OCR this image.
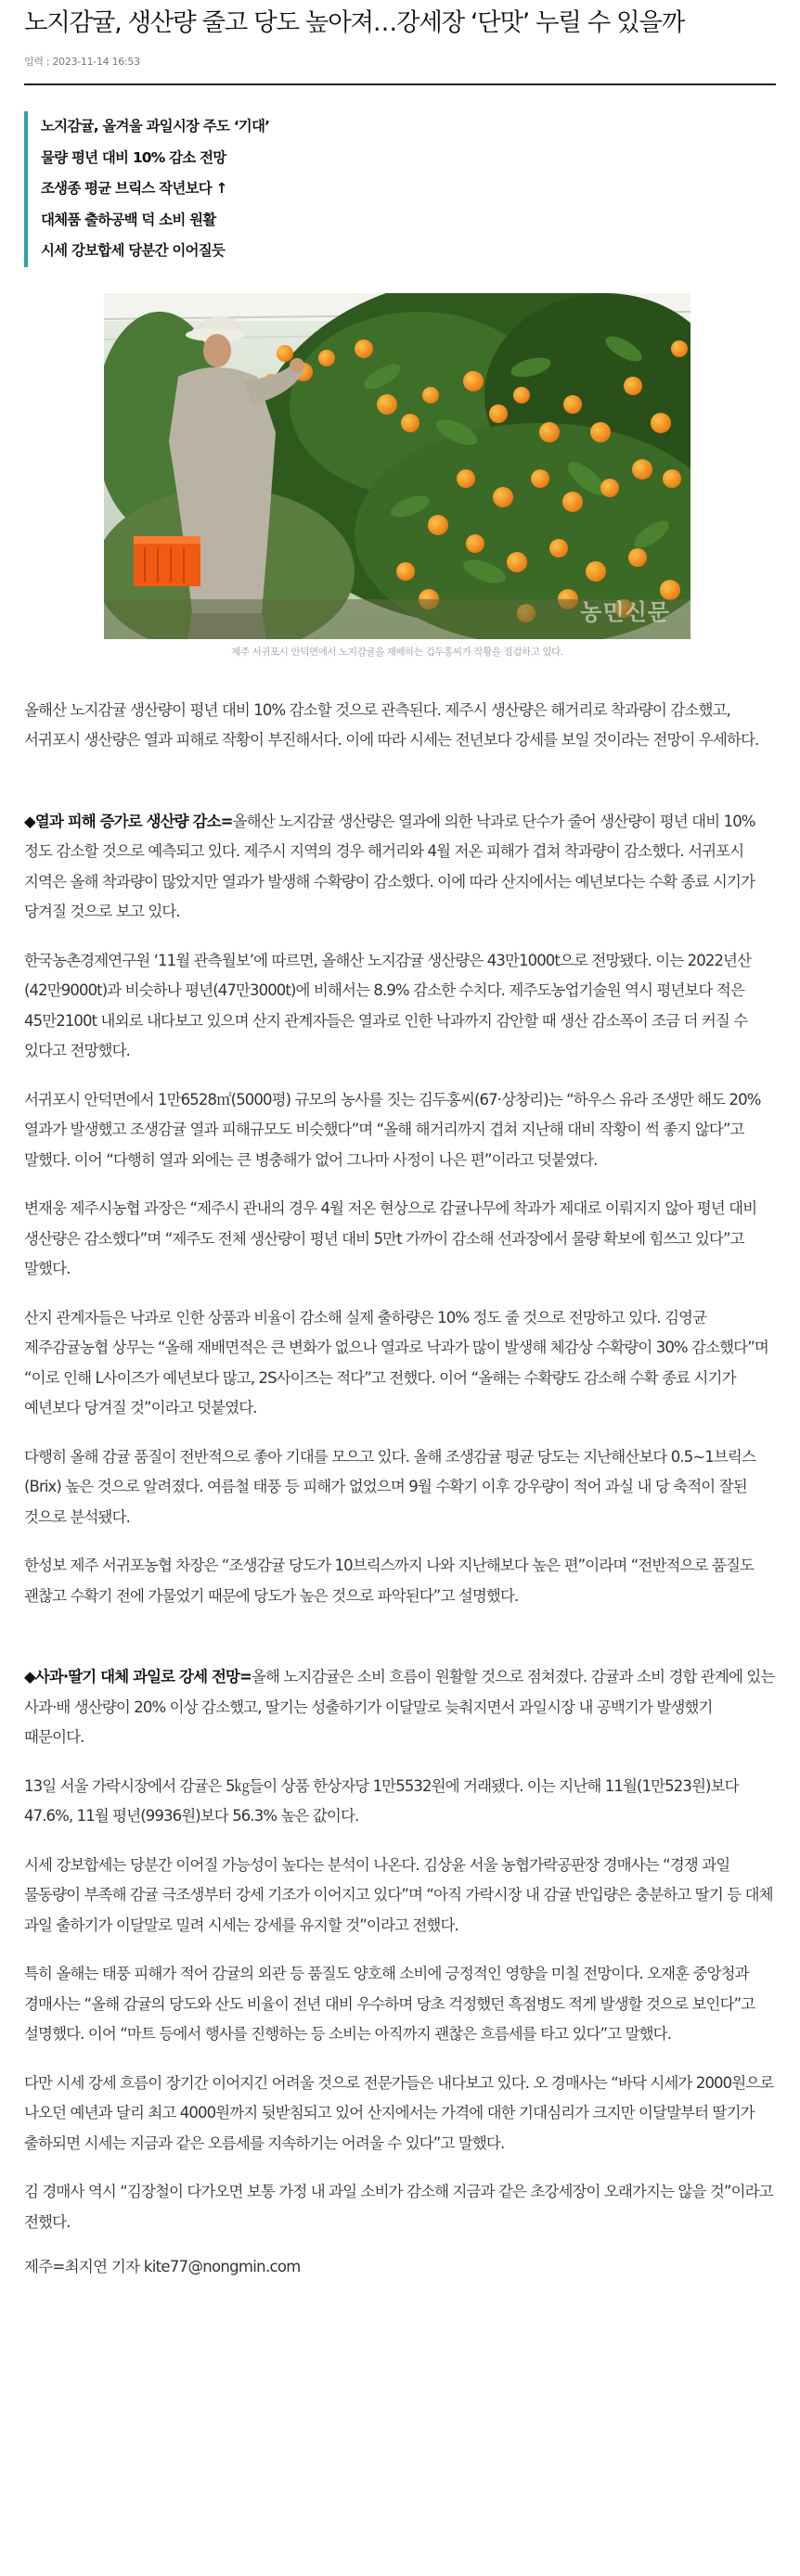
노지감귤, 생산량 줄고 당도 높아져…강세장 ‘단맛’ 누릴 수 있을까
입력 : 2023-11-14 16:53
노지감귤, 올겨울 과일시장 주도 ‘기대’
물량 평년 대비 10% 감소 전망
조생종 평균 브릭스 작년보다 ↑
대체품 출하공백 덕 소비 원활
시세 강보합세 당분간 이어질듯
농민신문
제주 서귀포시 안덕면에서 노지감귤을 재배하는 김두홍씨가 작황을 점검하고 있다.

올해산 노지감귤 생산량이 평년 대비 10% 감소할 것으로 관측된다. 제주시 생산량은 해거리로 착과량이 감소했고, 서귀포시 생산량은 열과 피해로 작황이 부진해서다. 이에 따라 시세는 전년보다 강세를 보일 것이라는 전망이 우세하다.

◆열과 피해 증가로 생산량 감소=올해산 노지감귤 생산량은 열과에 의한 낙과로 단수가 줄어 생산량이 평년 대비 10% 정도 감소할 것으로 예측되고 있다. 제주시 지역의 경우 해거리와 4월 저온 피해가 겹쳐 착과량이 감소했다. 서귀포시 지역은 올해 착과량이 많았지만 열과가 발생해 수확량이 감소했다. 이에 따라 산지에서는 예년보다는 수확 종료 시기가 당겨질 것으로 보고 있다.

한국농촌경제연구원 ‘11월 관측월보’에 따르면, 올해산 노지감귤 생산량은 43만1000t으로 전망됐다. 이는 2022년산(42만9000t)과 비슷하나 평년(47만3000t)에 비해서는 8.9% 감소한 수치다. 제주도농업기술원 역시 평년보다 적은 45만2100t 내외로 내다보고 있으며 산지 관계자들은 열과로 인한 낙과까지 감안할 때 생산 감소폭이 조금 더 커질 수 있다고 전망했다.

서귀포시 안덕면에서 1만6528㎡(5000평) 규모의 농사를 짓는 김두홍씨(67·상창리)는 “하우스 유라 조생만 해도 20% 열과가 발생했고 조생감귤 열과 피해규모도 비슷했다”며 “올해 해거리까지 겹쳐 지난해 대비 작황이 썩 좋지 않다”고 말했다. 이어 “다행히 열과 외에는 큰 병충해가 없어 그나마 사정이 나은 편”이라고 덧붙였다.

변재웅 제주시농협 과장은 “제주시 관내의 경우 4월 저온 현상으로 감귤나무에 착과가 제대로 이뤄지지 않아 평년 대비 생산량은 감소했다”며 “제주도 전체 생산량이 평년 대비 5만t 가까이 감소해 선과장에서 물량 확보에 힘쓰고 있다”고 말했다.

산지 관계자들은 낙과로 인한 상품과 비율이 감소해 실제 출하량은 10% 정도 줄 것으로 전망하고 있다. 김영균 제주감귤농협 상무는 “올해 재배면적은 큰 변화가 없으나 열과로 낙과가 많이 발생해 체감상 수확량이 30% 감소했다”며 “이로 인해 L사이즈가 예년보다 많고, 2S사이즈는 적다”고 전했다. 이어 “올해는 수확량도 감소해 수확 종료 시기가 예년보다 당겨질 것”이라고 덧붙였다.

다행히 올해 감귤 품질이 전반적으로 좋아 기대를 모으고 있다. 올해 조생감귤 평균 당도는 지난해산보다 0.5∼1브릭스(Brix) 높은 것으로 알려졌다. 여름철 태풍 등 피해가 없었으며 9월 수확기 이후 강우량이 적어 과실 내 당 축적이 잘된 것으로 분석됐다.

한성보 제주 서귀포농협 차장은 “조생감귤 당도가 10브릭스까지 나와 지난해보다 높은 편”이라며 “전반적으로 품질도 괜찮고 수확기 전에 가물었기 때문에 당도가 높은 것으로 파악된다”고 설명했다.

◆사과·딸기 대체 과일로 강세 전망=올해 노지감귤은 소비 흐름이 원활할 것으로 점쳐졌다. 감귤과 소비 경합 관계에 있는 사과·배 생산량이 20% 이상 감소했고, 딸기는 성출하기가 이달말로 늦춰지면서 과일시장 내 공백기가 발생했기 때문이다.

13일 서울 가락시장에서 감귤은 5㎏들이 상품 한상자당 1만5532원에 거래됐다. 이는 지난해 11월(1만523원)보다 47.6%, 11월 평년(9936원)보다 56.3% 높은 값이다.

시세 강보합세는 당분간 이어질 가능성이 높다는 분석이 나온다. 김상윤 서울 농협가락공판장 경매사는 “경쟁 과일 물동량이 부족해 감귤 극조생부터 강세 기조가 이어지고 있다”며 “아직 가락시장 내 감귤 반입량은 충분하고 딸기 등 대체 과일 출하기가 이달말로 밀려 시세는 강세를 유지할 것”이라고 전했다.

특히 올해는 태풍 피해가 적어 감귤의 외관 등 품질도 양호해 소비에 긍정적인 영향을 미칠 전망이다. 오재훈 중앙청과 경매사는 “올해 감귤의 당도와 산도 비율이 전년 대비 우수하며 당초 걱정했던 흑점병도 적게 발생할 것으로 보인다”고 설명했다. 이어 “마트 등에서 행사를 진행하는 등 소비는 아직까지 괜찮은 흐름세를 타고 있다”고 말했다.

다만 시세 강세 흐름이 장기간 이어지긴 어려울 것으로 전문가들은 내다보고 있다. 오 경매사는 “바닥 시세가 2000원으로 나오던 예년과 달리 최고 4000원까지 뒷받침되고 있어 산지에서는 가격에 대한 기대심리가 크지만 이달말부터 딸기가 출하되면 시세는 지금과 같은 오름세를 지속하기는 어려울 수 있다”고 말했다.

김 경매사 역시 “김장철이 다가오면 보통 가정 내 과일 소비가 감소해 지금과 같은 초강세장이 오래가지는 않을 것”이라고 전했다.

제주=최지연 기자 kite77@nongmin.com
